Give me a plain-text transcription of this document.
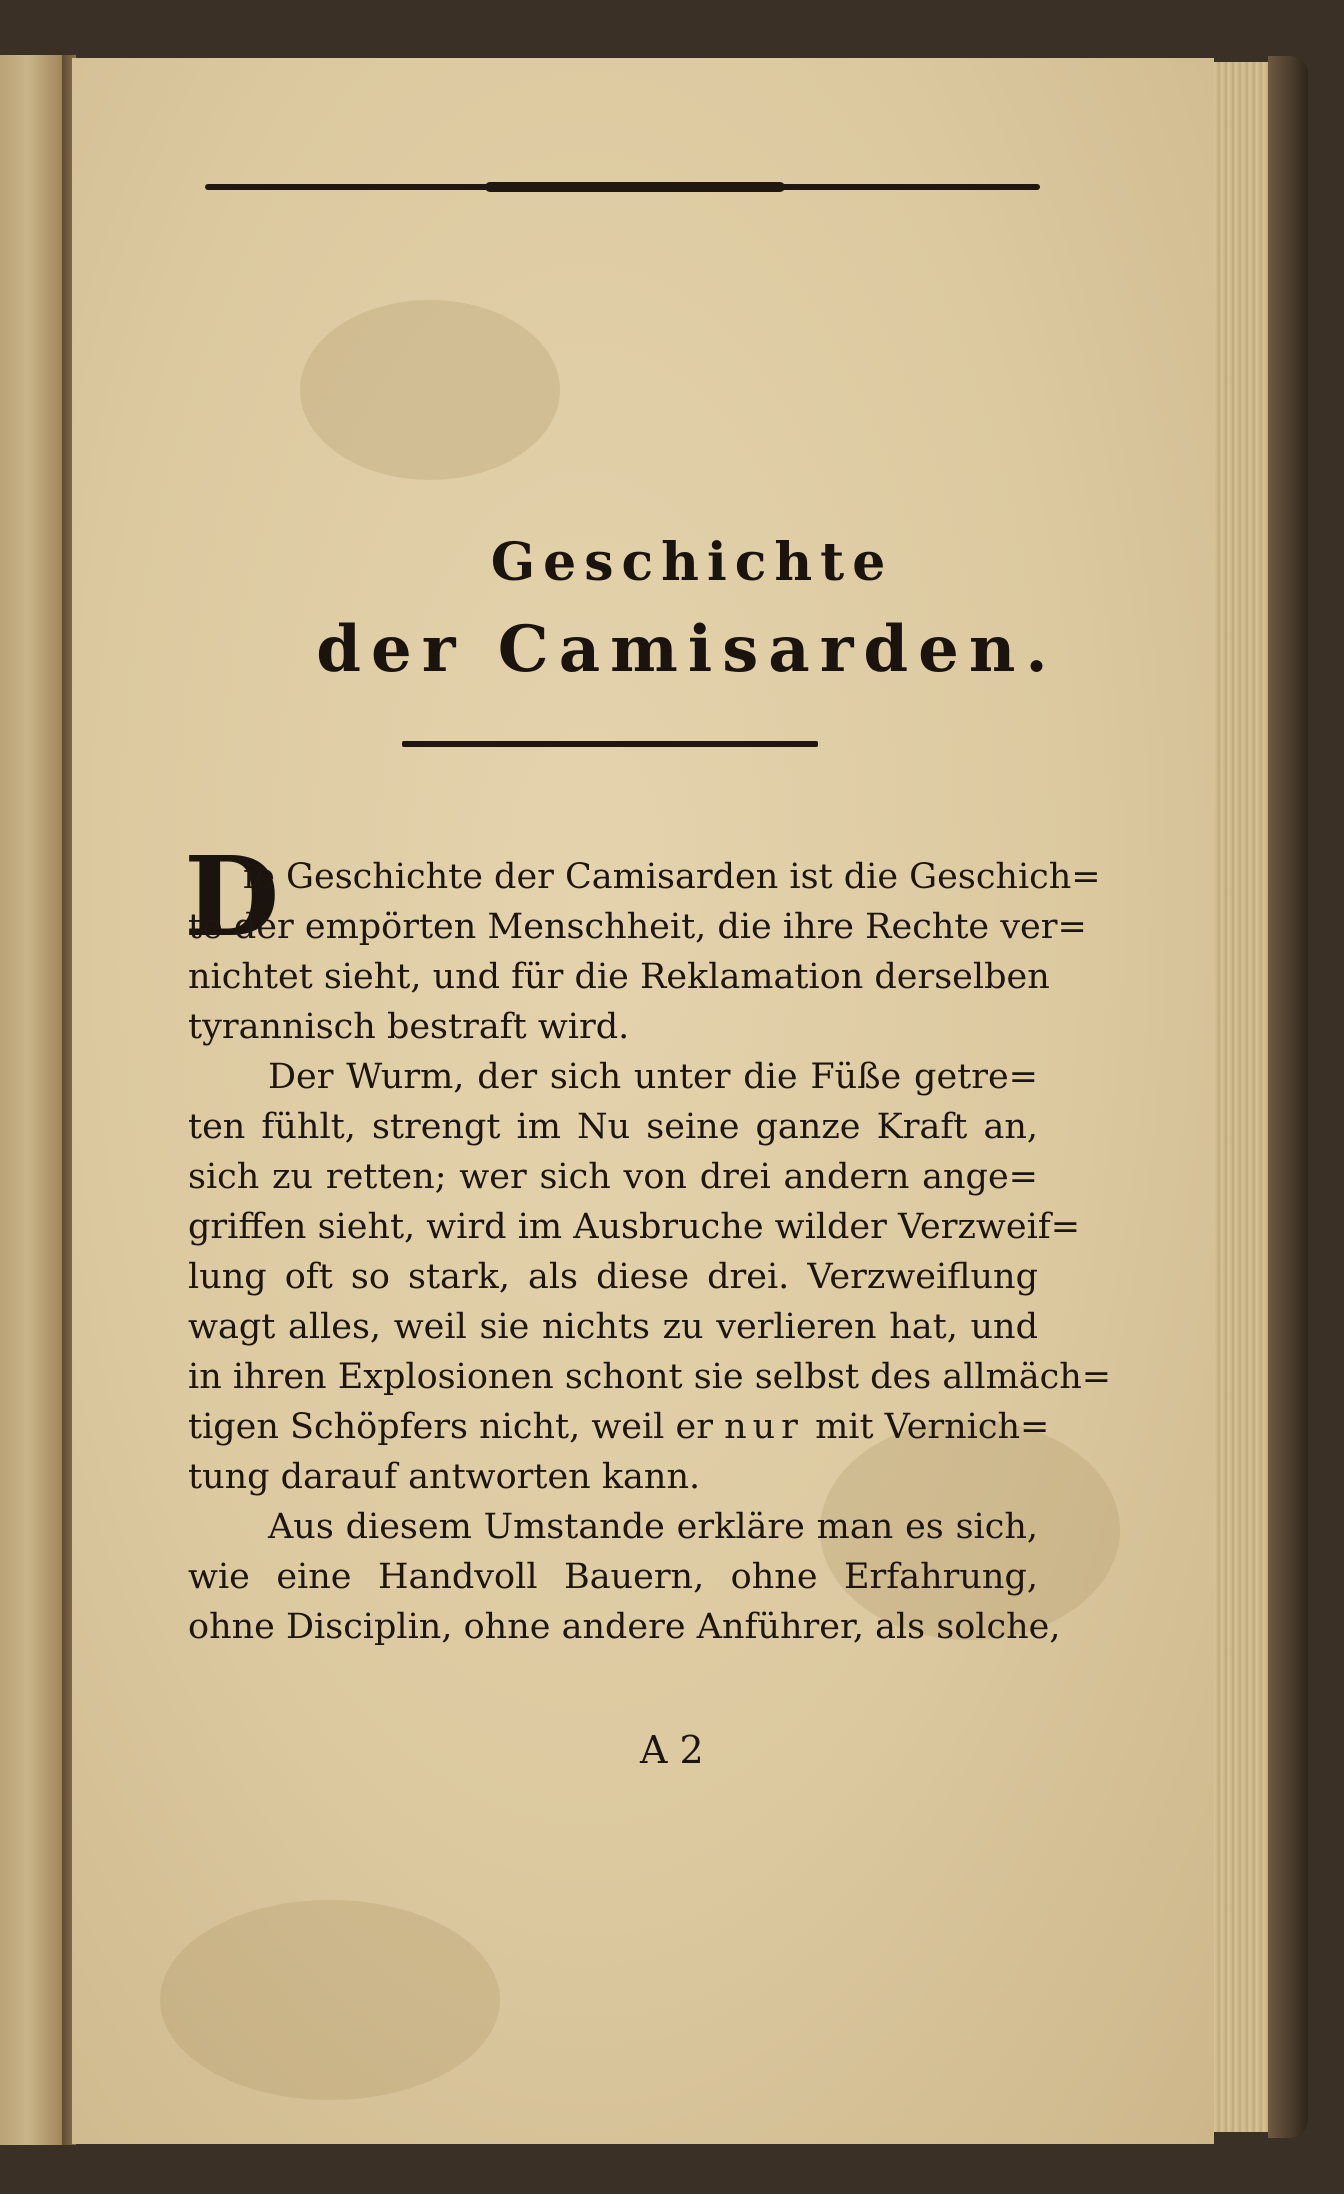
Geschichte
der Camisarden.
D
ie Geschichte der Camisarden ist die Geschich=
te der empörten Menschheit, die ihre Rechte ver=
nichtet sieht, und für die Reklamation derselben
tyrannisch bestraft wird.
Der Wurm, der sich unter die Füße getre=
ten fühlt, strengt im Nu seine ganze Kraft an,
sich zu retten; wer sich von drei andern ange=
griffen sieht, wird im Ausbruche wilder Verzweif=
lung oft so stark, als diese drei. Verzweiflung
wagt alles, weil sie nichts zu verlieren hat, und
in ihren Explosionen schont sie selbst des allmäch=
tigen Schöpfers nicht, weil er nur mit Vernich=
tung darauf antworten kann.
Aus diesem Umstande erkläre man es sich,
wie eine Handvoll Bauern, ohne Erfahrung,
ohne Disciplin, ohne andere Anführer, als solche,
A 2
